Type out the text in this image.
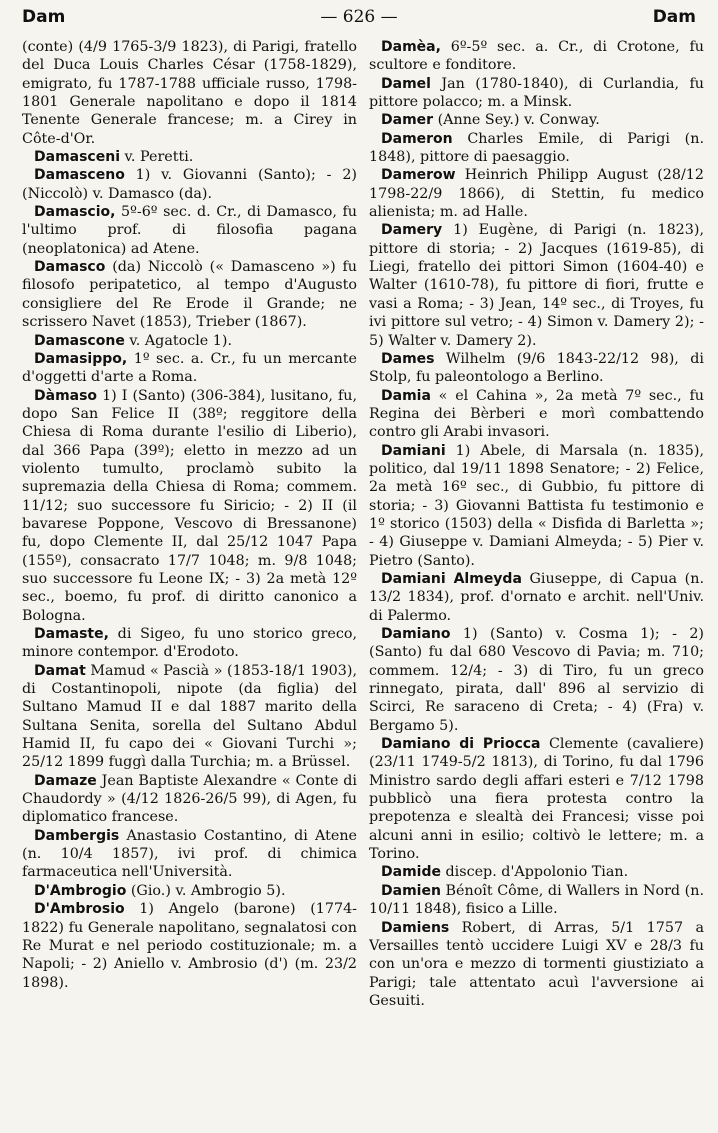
Dam	— 626 —	Dam

(conte) (4/9 1765-3/9 1823), di Parigi, fratello del Duca Louis Charles César (1758-1829), emigrato, fu 1787-1788 ufficiale russo, 1798-1801 Generale napolitano e dopo il 1814 Tenente Generale francese; m. a Cirey in Côte-d'Or.

Damasceni v. Peretti.

Damasceno 1) v. Giovanni (Santo); - 2) (Niccolò) v. Damasco (da).

Damascio, 5º-6º sec. d. Cr., di Damasco, fu l'ultimo prof. di filosofia pagana (neoplatonica) ad Atene.

Damasco (da) Niccolò (« Damasceno ») fu filosofo peripatetico, al tempo d'Augusto consigliere del Re Erode il Grande; ne scrissero Navet (1853), Trieber (1867).

Damascone v. Agatocle 1).

Damasippo, 1º sec. a. Cr., fu un mercante d'oggetti d'arte a Roma.

Dàmaso 1) I (Santo) (306-384), lusitano, fu, dopo San Felice II (38º; reggitore della Chiesa di Roma durante l'esilio di Liberio), dal 366 Papa (39º); eletto in mezzo ad un violento tumulto, proclamò subito la supremazia della Chiesa di Roma; commem. 11/12; suo successore fu Siricio; - 2) II (il bavarese Poppone, Vescovo di Bressanone) fu, dopo Clemente II, dal 25/12 1047 Papa (155º), consacrato 17/7 1048; m. 9/8 1048; suo successore fu Leone IX; - 3) 2a metà 12º sec., boemo, fu prof. di diritto canonico a Bologna.

Damaste, di Sigeo, fu uno storico greco, minore contempor. d'Erodoto.

Damat Mamud « Pascià » (1853-18/1 1903), di Costantinopoli, nipote (da figlia) del Sultano Mamud II e dal 1887 marito della Sultana Senita, sorella del Sultano Abdul Hamid II, fu capo dei « Giovani Turchi »; 25/12 1899 fuggì dalla Turchia; m. a Brüssel.

Damaze Jean Baptiste Alexandre « Conte di Chaudordy » (4/12 1826-26/5 99), di Agen, fu diplomatico francese.

Dambergis Anastasio Costantino, di Atene (n. 10/4 1857), ivi prof. di chimica farmaceutica nell'Università.

D'Ambrogio (Gio.) v. Ambrogio 5).

D'Ambrosio 1) Angelo (barone) (1774-1822) fu Generale napolitano, segnalatosi con Re Murat e nel periodo costituzionale; m. a Napoli; - 2) Aniello v. Ambrosio (d') (m. 23/2 1898).

Damèa, 6º-5º sec. a. Cr., di Crotone, fu scultore e fonditore.

Damel Jan (1780-1840), di Curlandia, fu pittore polacco; m. a Minsk.

Damer (Anne Sey.) v. Conway.

Dameron Charles Emile, di Parigi (n. 1848), pittore di paesaggio.

Damerow Heinrich Philipp August (28/12 1798-22/9 1866), di Stettin, fu medico alienista; m. ad Halle.

Damery 1) Eugène, di Parigi (n. 1823), pittore di storia; - 2) Jacques (1619-85), di Liegi, fratello dei pittori Simon (1604-40) e Walter (1610-78), fu pittore di fiori, frutte e vasi a Roma; - 3) Jean, 14º sec., di Troyes, fu ivi pittore sul vetro; - 4) Simon v. Damery 2); - 5) Walter v. Damery 2).

Dames Wilhelm (9/6 1843-22/12 98), di Stolp, fu paleontologo a Berlino.

Damia « el Cahina », 2a metà 7º sec., fu Regina dei Bèrberi e morì combattendo contro gli Arabi invasori.

Damiani 1) Abele, di Marsala (n. 1835), politico, dal 19/11 1898 Senatore; - 2) Felice, 2a metà 16º sec., di Gubbio, fu pittore di storia; - 3) Giovanni Battista fu testimonio e 1º storico (1503) della « Disfida di Barletta »; - 4) Giuseppe v. Damiani Almeyda; - 5) Pier v. Pietro (Santo).

Damiani Almeyda Giuseppe, di Capua (n. 13/2 1834), prof. d'ornato e archit. nell'Univ. di Palermo.

Damiano 1) (Santo) v. Cosma 1); - 2) (Santo) fu dal 680 Vescovo di Pavia; m. 710; commem. 12/4; - 3) di Tiro, fu un greco rinnegato, pirata, dall' 896 al servizio di Scirci, Re saraceno di Creta; - 4) (Fra) v. Bergamo 5).

Damiano di Priocca Clemente (cavaliere) (23/11 1749-5/2 1813), di Torino, fu dal 1796 Ministro sardo degli affari esteri e 7/12 1798 pubblicò una fiera protesta contro la prepotenza e slealtà dei Francesi; visse poi alcuni anni in esilio; coltivò le lettere; m. a Torino.

Damide discep. d'Appolonio Tian.

Damien Bénoît Côme, di Wallers in Nord (n. 10/11 1848), fisico a Lille.

Damiens Robert, di Arras, 5/1 1757 a Versailles tentò uccidere Luigi XV e 28/3 fu con un'ora e mezzo di tormenti giustiziato a Parigi; tale attentato acuì l'avversione ai Gesuiti.
